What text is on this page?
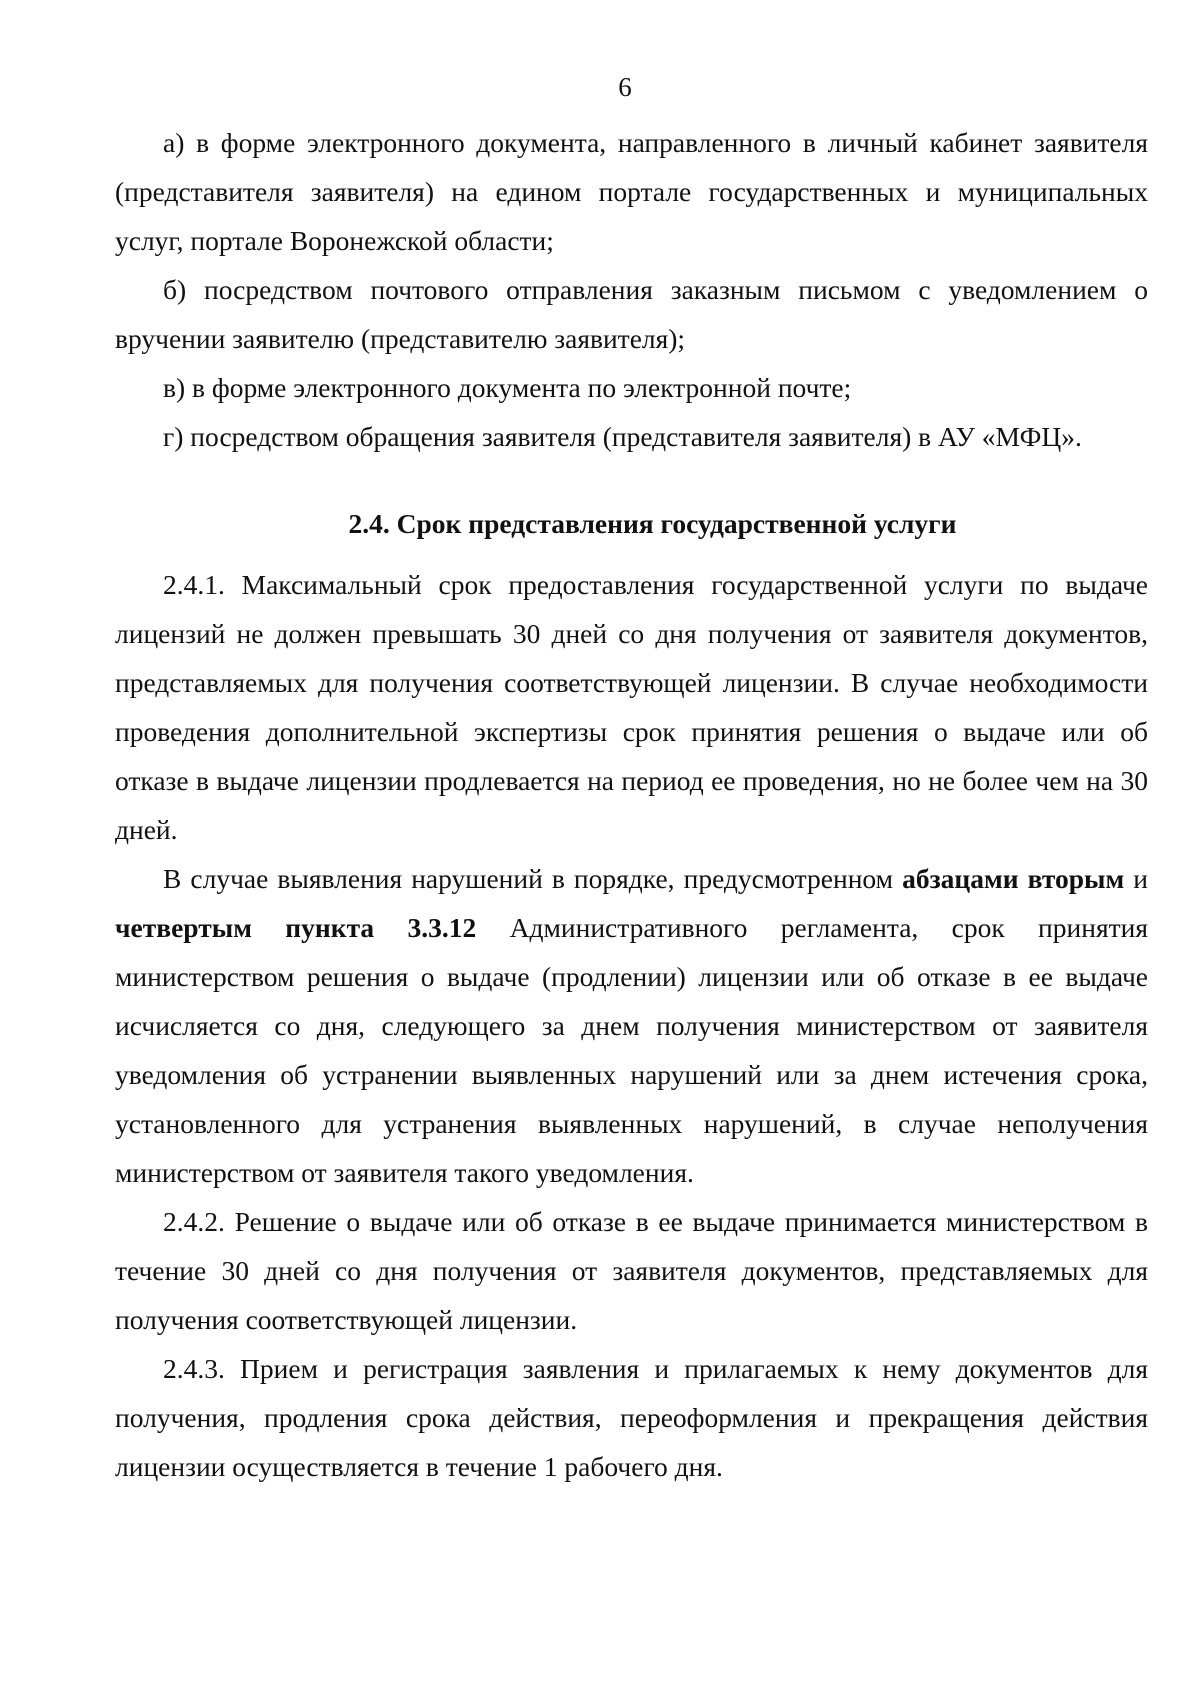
6

а) в форме электронного документа, направленного в личный кабинет заявителя (представителя заявителя) на едином портале государственных и муниципальных услуг, портале Воронежской области;

б) посредством почтового отправления заказным письмом с уведомлением о вручении заявителю (представителю заявителя);

в) в форме электронного документа по электронной почте;

г) посредством обращения заявителя (представителя заявителя) в АУ «МФЦ».

2.4. Срок представления государственной услуги

2.4.1. Максимальный срок предоставления государственной услуги по выдаче лицензий не должен превышать 30 дней со дня получения от заявителя документов, представляемых для получения соответствующей лицензии. В случае необходимости проведения дополнительной экспертизы срок принятия решения о выдаче или об отказе в выдаче лицензии продлевается на период ее проведения, но не более чем на 30 дней.

В случае выявления нарушений в порядке, предусмотренном абзацами вторым и четвертым пункта 3.3.12 Административного регламента, срок принятия министерством решения о выдаче (продлении) лицензии или об отказе в ее выдаче исчисляется со дня, следующего за днем получения министерством от заявителя уведомления об устранении выявленных нарушений или за днем истечения срока, установленного для устранения выявленных нарушений, в случае неполучения министерством от заявителя такого уведомления.

2.4.2. Решение о выдаче или об отказе в ее выдаче принимается министерством в течение 30 дней со дня получения от заявителя документов, представляемых для получения соответствующей лицензии.

2.4.3. Прием и регистрация заявления и прилагаемых к нему документов для получения, продления срока действия, переоформления и прекращения действия лицензии осуществляется в течение 1 рабочего дня.
